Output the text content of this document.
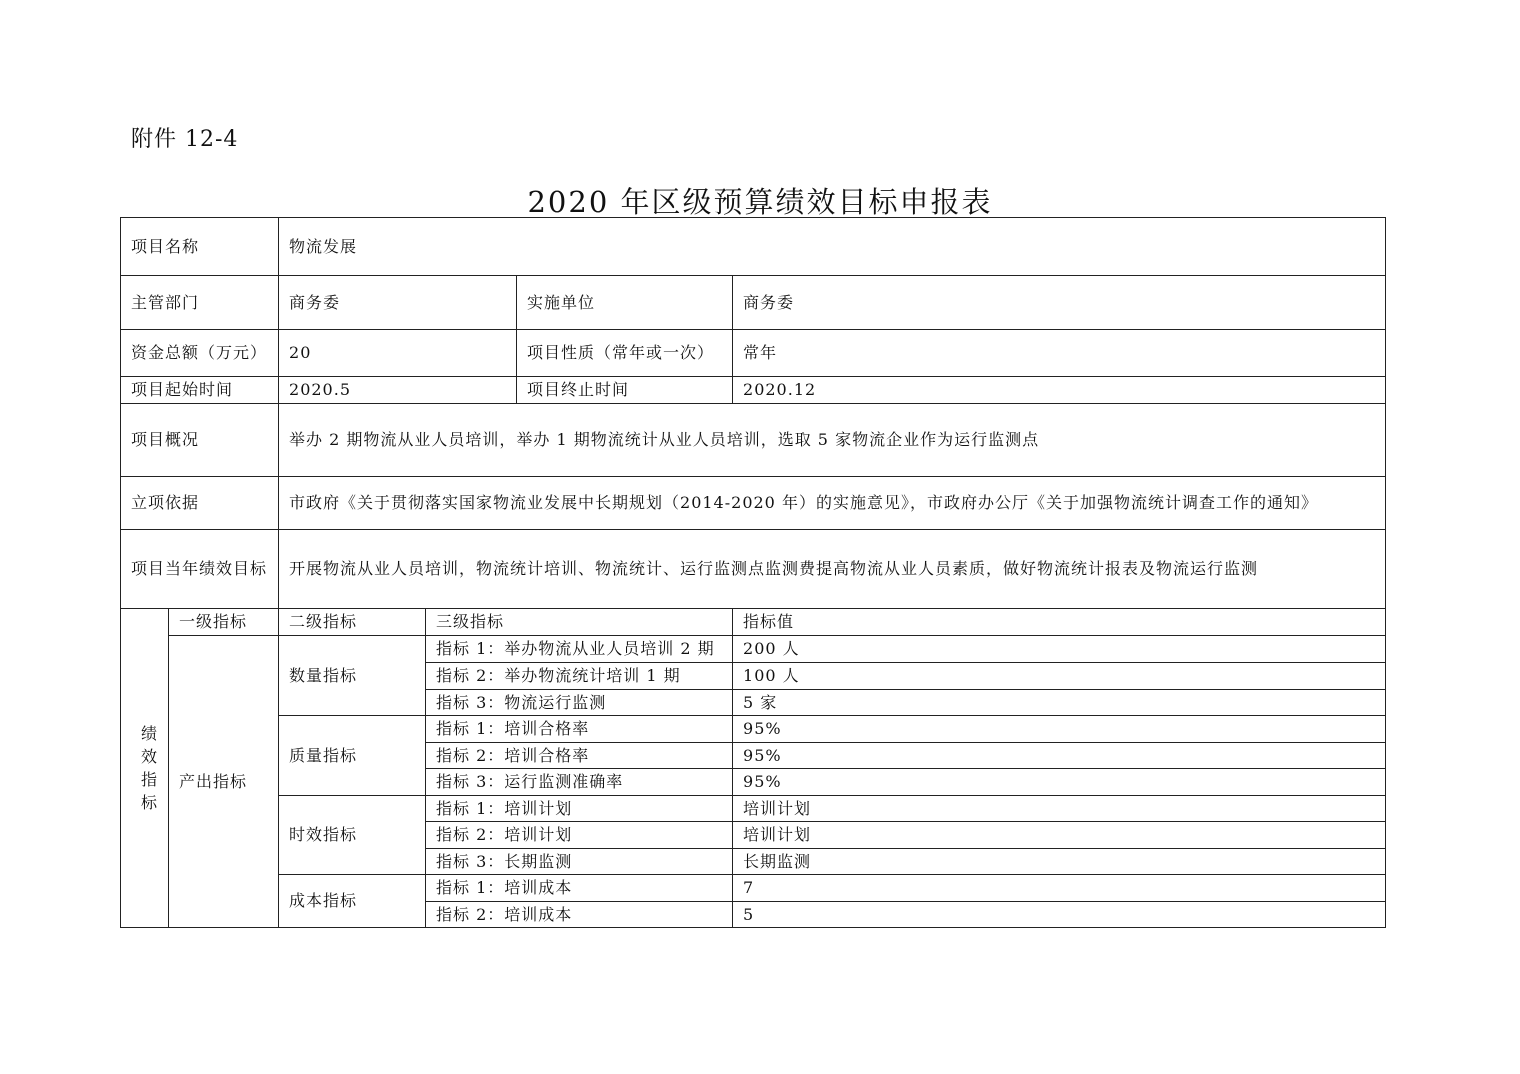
附件 12-4
2020 年区级预算绩效目标申报表
项目名称		物流发展			
主管部门		商务委		实施单位	商务委
资金总额（万元）		20		项目性质（常年或一次）	常年
项目起始时间		2020.5		项目终止时间	2020.12
项目概况		举办 2 期物流从业人员培训，举办 1 期物流统计从业人员培训，选取 5 家物流企业作为运行监测点			
立项依据		市政府《关于贯彻落实国家物流业发展中长期规划（2014-2020 年）的实施意见》，市政府办公厅《关于加强物流统计调查工作的通知》			
项目当年绩效目标		开展物流从业人员培训，物流统计培训、物流统计、运行监测点监测费提高物流从业人员素质，做好物流统计报表及物流运行监测			
绩效指标	一级指标	二级指标	三级指标		指标值
	产出指标	数量指标	指标 1：举办物流从业人员培训 2 期		200 人
			指标 2：举办物流统计培训 1 期		100 人
			指标 3：物流运行监测		5 家
		质量指标	指标 1：培训合格率		95%
			指标 2：培训合格率		95%
			指标 3：运行监测准确率		95%
		时效指标	指标 1：培训计划		培训计划
			指标 2：培训计划		培训计划
			指标 3：长期监测		长期监测
		成本指标	指标 1：培训成本		7
			指标 2：培训成本		5
